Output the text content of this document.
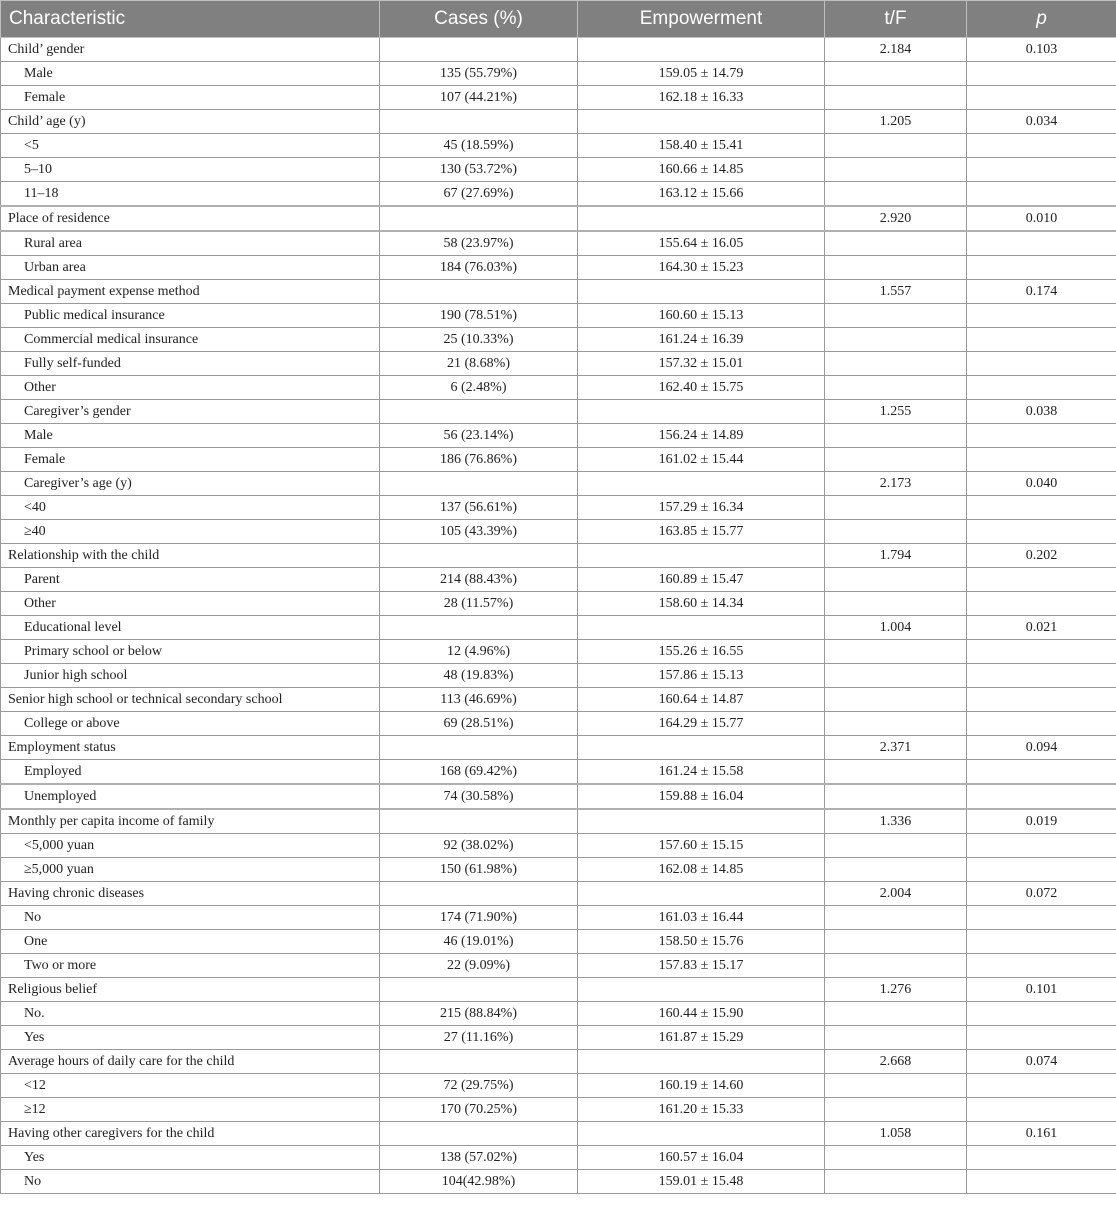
Characteristic	Cases (%)	Empowerment	t/F	p
Child’ gender			2.184	0.103
Male	135 (55.79%)	159.05 ± 14.79		
Female	107 (44.21%)	162.18 ± 16.33		
Child’ age (y)			1.205	0.034
<5	45 (18.59%)	158.40 ± 15.41		
5–10	130 (53.72%)	160.66 ± 14.85		
11–18	67 (27.69%)	163.12 ± 15.66		
Place of residence			2.920	0.010
Rural area	58 (23.97%)	155.64 ± 16.05		
Urban area	184 (76.03%)	164.30 ± 15.23		
Medical payment expense method			1.557	0.174
Public medical insurance	190 (78.51%)	160.60 ± 15.13		
Commercial medical insurance	25 (10.33%)	161.24 ± 16.39		
Fully self-funded	21 (8.68%)	157.32 ± 15.01		
Other	6 (2.48%)	162.40 ± 15.75		
Caregiver’s gender			1.255	0.038
Male	56 (23.14%)	156.24 ± 14.89		
Female	186 (76.86%)	161.02 ± 15.44		
Caregiver’s age (y)			2.173	0.040
<40	137 (56.61%)	157.29 ± 16.34		
≥40	105 (43.39%)	163.85 ± 15.77		
Relationship with the child			1.794	0.202
Parent	214 (88.43%)	160.89 ± 15.47		
Other	28 (11.57%)	158.60 ± 14.34		
Educational level			1.004	0.021
Primary school or below	12 (4.96%)	155.26 ± 16.55		
Junior high school	48 (19.83%)	157.86 ± 15.13		
Senior high school or technical secondary school	113 (46.69%)	160.64 ± 14.87		
College or above	69 (28.51%)	164.29 ± 15.77		
Employment status			2.371	0.094
Employed	168 (69.42%)	161.24 ± 15.58		
Unemployed	74 (30.58%)	159.88 ± 16.04		
Monthly per capita income of family			1.336	0.019
<5,000 yuan	92 (38.02%)	157.60 ± 15.15		
≥5,000 yuan	150 (61.98%)	162.08 ± 14.85		
Having chronic diseases			2.004	0.072
No	174 (71.90%)	161.03 ± 16.44		
One	46 (19.01%)	158.50 ± 15.76		
Two or more	22 (9.09%)	157.83 ± 15.17		
Religious belief			1.276	0.101
No.	215 (88.84%)	160.44 ± 15.90		
Yes	27 (11.16%)	161.87 ± 15.29		
Average hours of daily care for the child			2.668	0.074
<12	72 (29.75%)	160.19 ± 14.60		
≥12	170 (70.25%)	161.20 ± 15.33		
Having other caregivers for the child			1.058	0.161
Yes	138 (57.02%)	160.57 ± 16.04		
No	104(42.98%)	159.01 ± 15.48		
